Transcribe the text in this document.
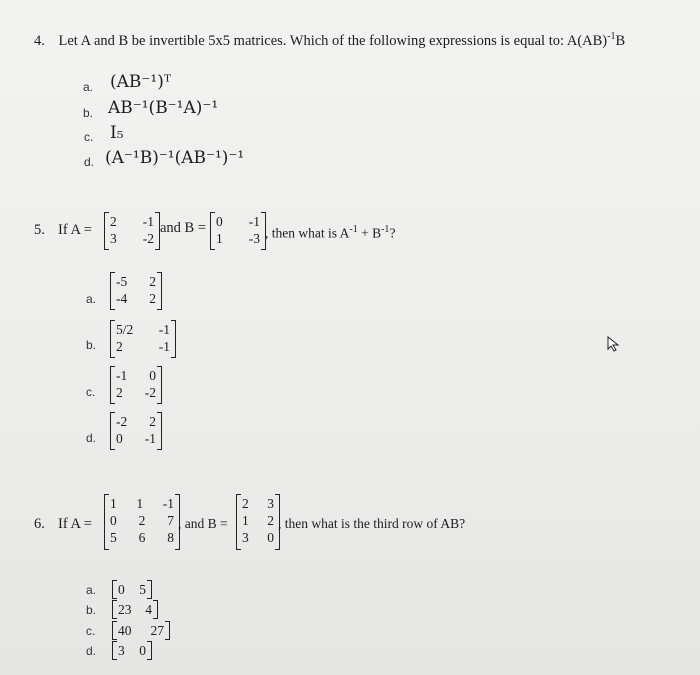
4. Let A and B be invertible 5x5 matrices. Which of the following expressions is equal to: A(AB)$^{-1}$B
a. (AB⁻¹)ᵀ
b. AB⁻¹(B⁻¹A)⁻¹
c. I₅
d. (A⁻¹B)⁻¹(AB⁻¹)⁻¹
5. If A =
2 -1
3 -2
and B = 0 -1
1 -3 , then what is $A^{-1} + B^{-1}$?
a.
-5 2
-4 2
b.
5/2 -1
2	-1
c.
-1 0
2 -2
d.
-2 2
0 -1
6. If A =
1 1 -1
0 2 7
5 6 8
, and B =
2 3
1 2
3 0
, then what is the third row of AB?
a. 0 5
b. 23 4
c. 40 27
d. 3 0
